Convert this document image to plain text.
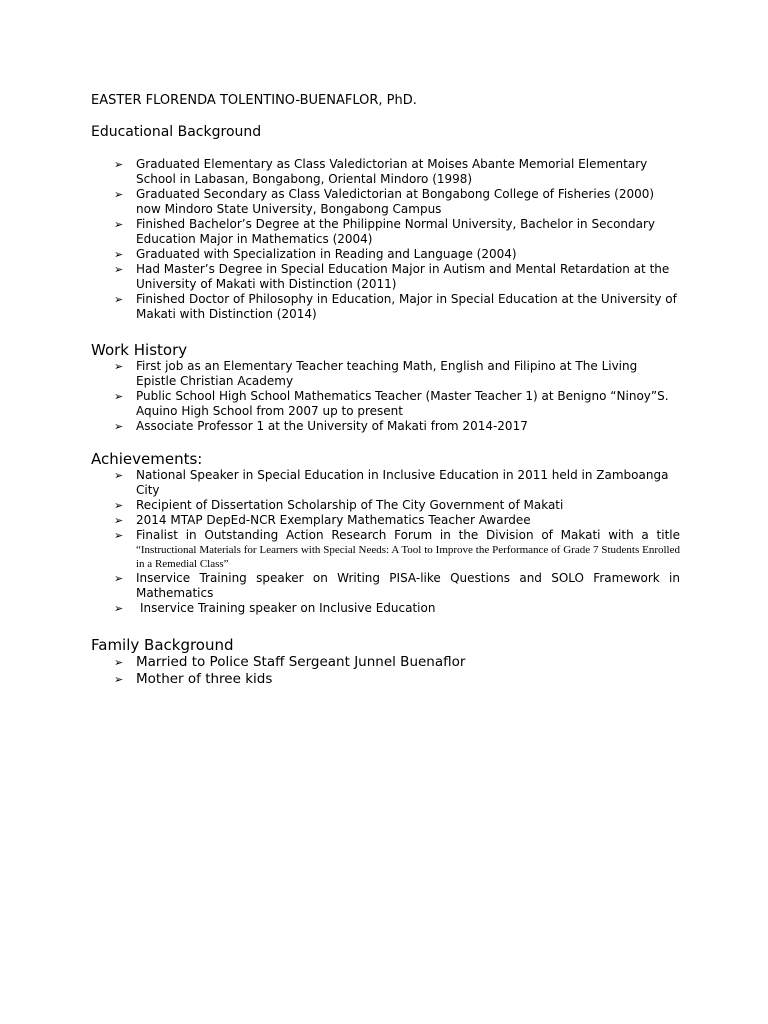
EASTER FLORENDA TOLENTINO-BUENAFLOR, PhD.
Educational Background
➢ Graduated Elementary as Class Valedictorian at Moises Abante Memorial Elementary School in Labasan, Bongabong, Oriental Mindoro (1998)
➢ Graduated Secondary as Class Valedictorian at Bongabong College of Fisheries (2000) now Mindoro State University, Bongabong Campus
➢ Finished Bachelor’s Degree at the Philippine Normal University, Bachelor in Secondary Education Major in Mathematics (2004)
➢ Graduated with Specialization in Reading and Language (2004)
➢ Had Master’s Degree in Special Education Major in Autism and Mental Retardation at the University of Makati with Distinction (2011)
➢ Finished Doctor of Philosophy in Education, Major in Special Education at the University of Makati with Distinction (2014)
Work History
➢ First job as an Elementary Teacher teaching Math, English and Filipino at The Living Epistle Christian Academy
➢ Public School High School Mathematics Teacher (Master Teacher 1) at Benigno “Ninoy”S. Aquino High School from 2007 up to present
➢ Associate Professor 1 at the University of Makati from 2014-2017
Achievements:
➢ National Speaker in Special Education in Inclusive Education in 2011 held in Zamboanga City
➢ Recipient of Dissertation Scholarship of The City Government of Makati
➢ 2014 MTAP DepEd-NCR Exemplary Mathematics Teacher Awardee
➢ Finalist in Outstanding Action Research Forum in the Division of Makati with a title
“Instructional Materials for Learners with Special Needs: A Tool to Improve the Performance of Grade 7 Students Enrolled in a Remedial Class”
➢ Inservice Training speaker on Writing PISA-like Questions and SOLO Framework in Mathematics
➢ Inservice Training speaker on Inclusive Education
Family Background
➢ Married to Police Staff Sergeant Junnel Buenaflor
➢ Mother of three kids
